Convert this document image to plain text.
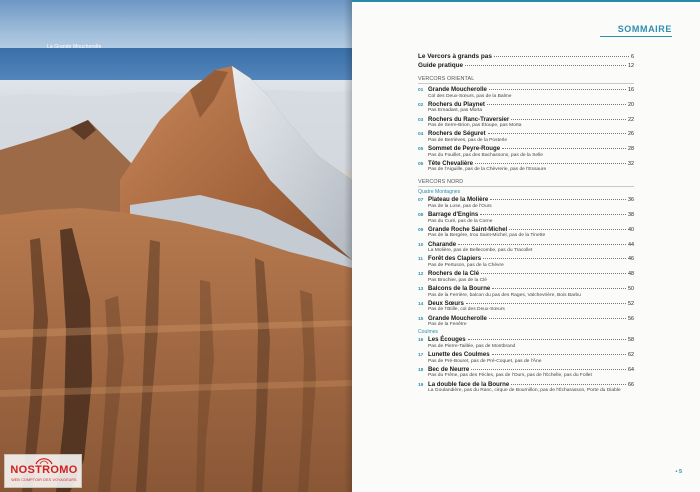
La Grande Moucherolle
NOSTROMO
WEB COMPTOIR DES VOYAGEURS
SOMMAIRE
Le Vercors à grands pas	6
Guide pratique	12
VERCORS ORIENTAL
01 Grande Moucherolle	16
Col des Deux-Sœurs, pas de la Balme
02 Rochers du Playnet	20
Pas Ernadant, pas Morta
03 Rochers du Ranc-Traversier	22
Pas de Serre-Brion, pas Étoupe, pas Morta
04 Rochers de Séguret	26
Pas de Berrièves, pas de la Posterle
05 Sommet de Peyre-Rouge	28
Pas du Fouillet, pas des Bachassons, pas de la Selle
06 Tête Chevalière	32
Pas de l'Aiguille, pas de la Chèvrerie, pas de l'Essaure
VERCORS NORD
Quatre Montagnes
07 Plateau de la Molière	36
Pas de la Lose, pas de l'Ours
08 Barrage d'Engins	38
Pas du Curé, pas de la Corne
09 Grande Roche Saint-Michel	40
Pas de la Bergère, trou Saint-Michel, pas de la Tinette
10 Charande	44
La Molière, pas de Bellecombe, pas du Tracollet
11 Forêt des Clapiers	46
Pas de Pertuson, pas de la Chèvre
12 Rochers de la Clé	48
Pas Brochier, pas de la Clé
13 Balcons de la Bourne	50
Pas de la Ferrière, balcon du pas des Rages, Valchevrière, Bois Barbu
14 Deux Sœurs	52
Pas de l'Œille, col des Deux-Sœurs
15 Grande Moucherolle	56
Pas de la Fenêtre
Coulmes
16 Les Écouges	58
Pas de Pierre-Taillée, pas de Montbrand
17 Lunette des Coulmes	62
Pas de Pré-Bouret, pas de Pré-Coquet, pas de l'Âne
18 Bec de Neurre	64
Pas du Frêne, pas des Fécles, pas de l'Ours, pas de l'Échelle, pas du Follet
19 La double face de la Bourne	66
La Goulandière, pas du Ranc, cirque de Bournillon, pas de l'Écharasson, Porte du Diable
• 5
